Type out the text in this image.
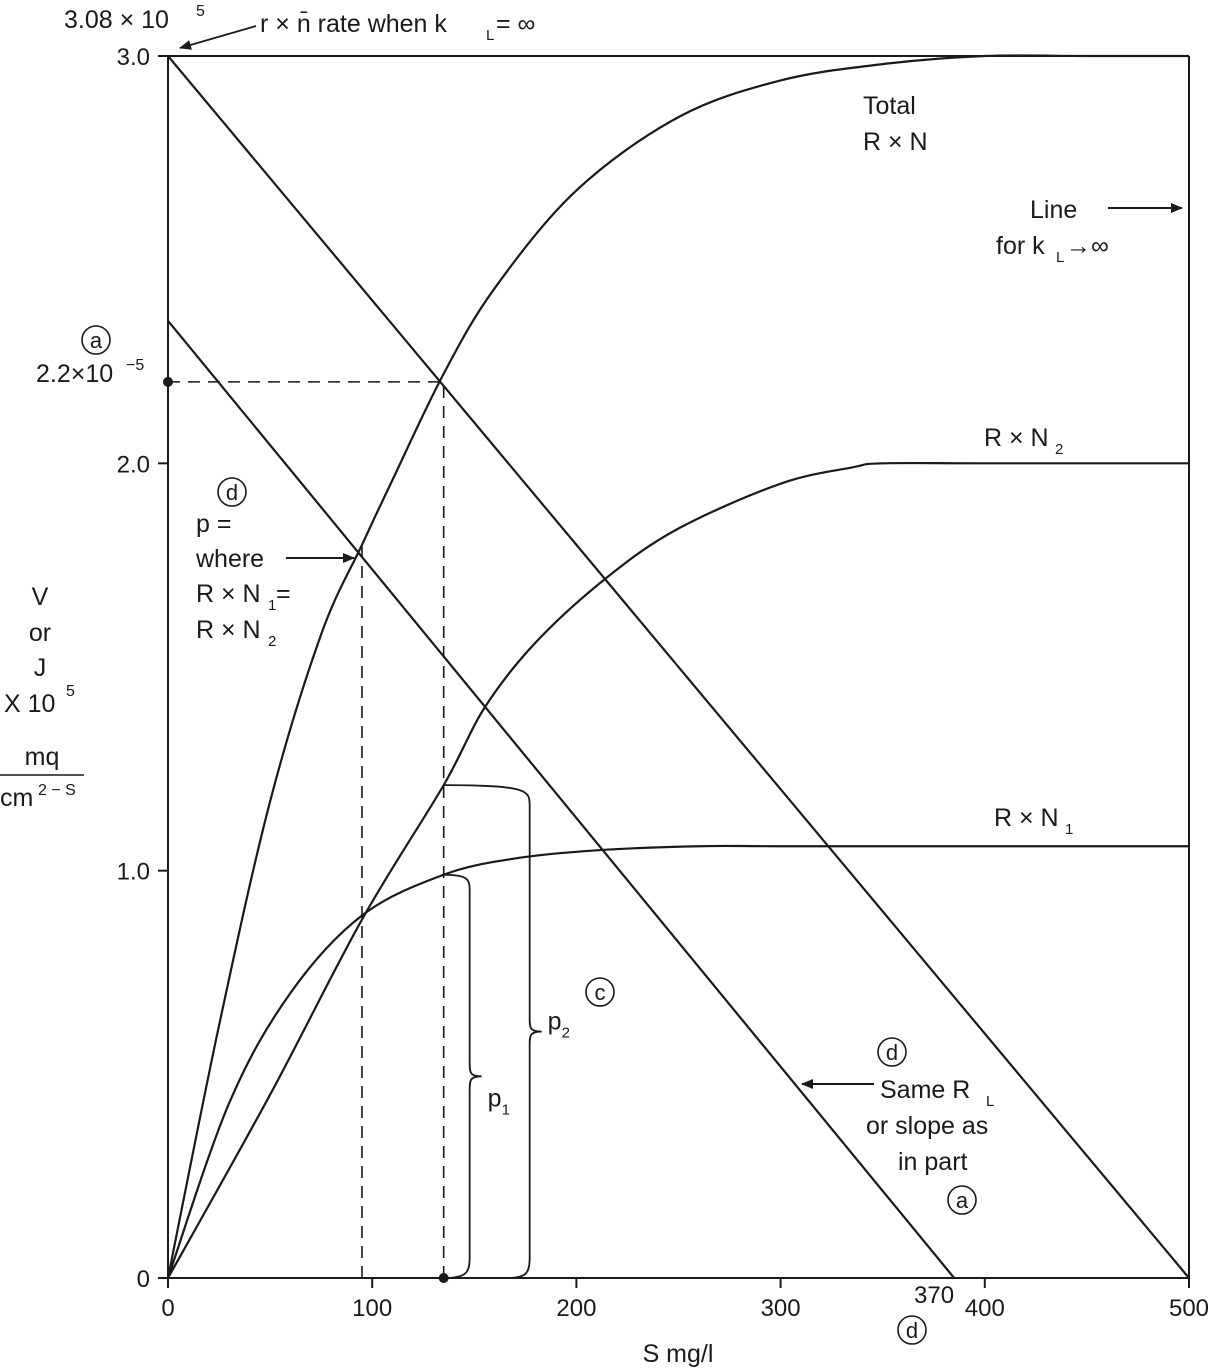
0	100	200	300	400	500
0
1.0
2.0
3.0
p 1
p 2
S mg/l
V
or
J
X 10 5
mq
cm 2 − S
3.08 × 10 5 r × n̄ rate when k	L = ∞
Total
R × N
Line
for k L →∞
a
2.2×10 −5
d
p =
where
R × N 1 =
R × N 2
R × N 2
R × N 1
c
d
Same R L
or slope as
in part
a
370
d
